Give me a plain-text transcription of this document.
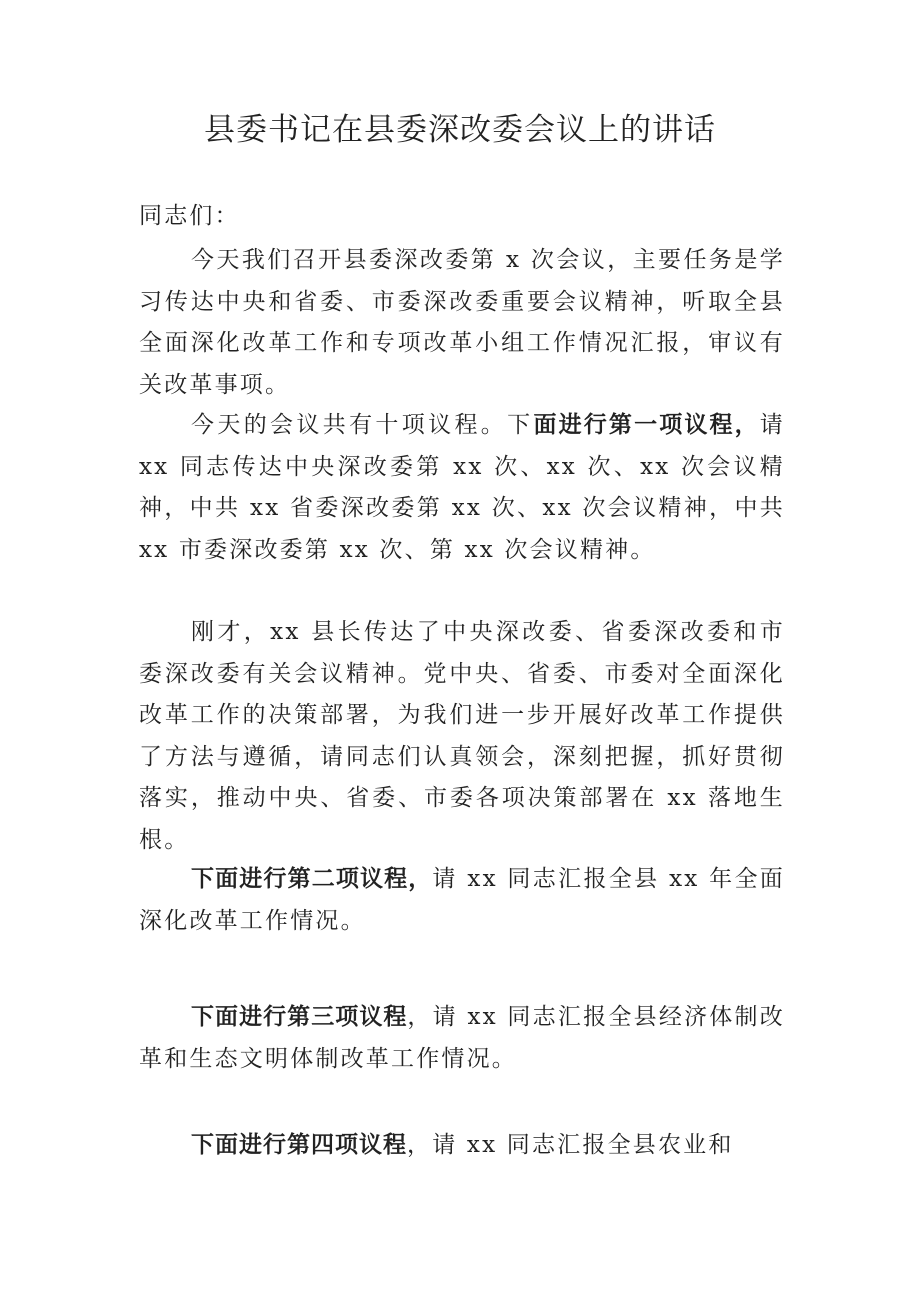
县委书记在县委深改委会议上的讲话

同志们：

今天我们召开县委深改委第 x 次会议，主要任务是学习传达中央和省委、市委深改委重要会议精神，听取全县全面深化改革工作和专项改革小组工作情况汇报，审议有关改革事项。

今天的会议共有十项议程。下面进行第一项议程，请 xx 同志传达中央深改委第 xx 次、xx 次、xx 次会议精神，中共 xx 省委深改委第 xx 次、xx 次会议精神，中共 xx 市委深改委第 xx 次、第 xx 次会议精神。

刚才，xx 县长传达了中央深改委、省委深改委和市委深改委有关会议精神。党中央、省委、市委对全面深化改革工作的决策部署，为我们进一步开展好改革工作提供了方法与遵循，请同志们认真领会，深刻把握，抓好贯彻落实，推动中央、省委、市委各项决策部署在 xx 落地生根。

下面进行第二项议程，请 xx 同志汇报全县 xx 年全面深化改革工作情况。

下面进行第三项议程，请 xx 同志汇报全县经济体制改革和生态文明体制改革工作情况。

下面进行第四项议程，请 xx 同志汇报全县农业和
